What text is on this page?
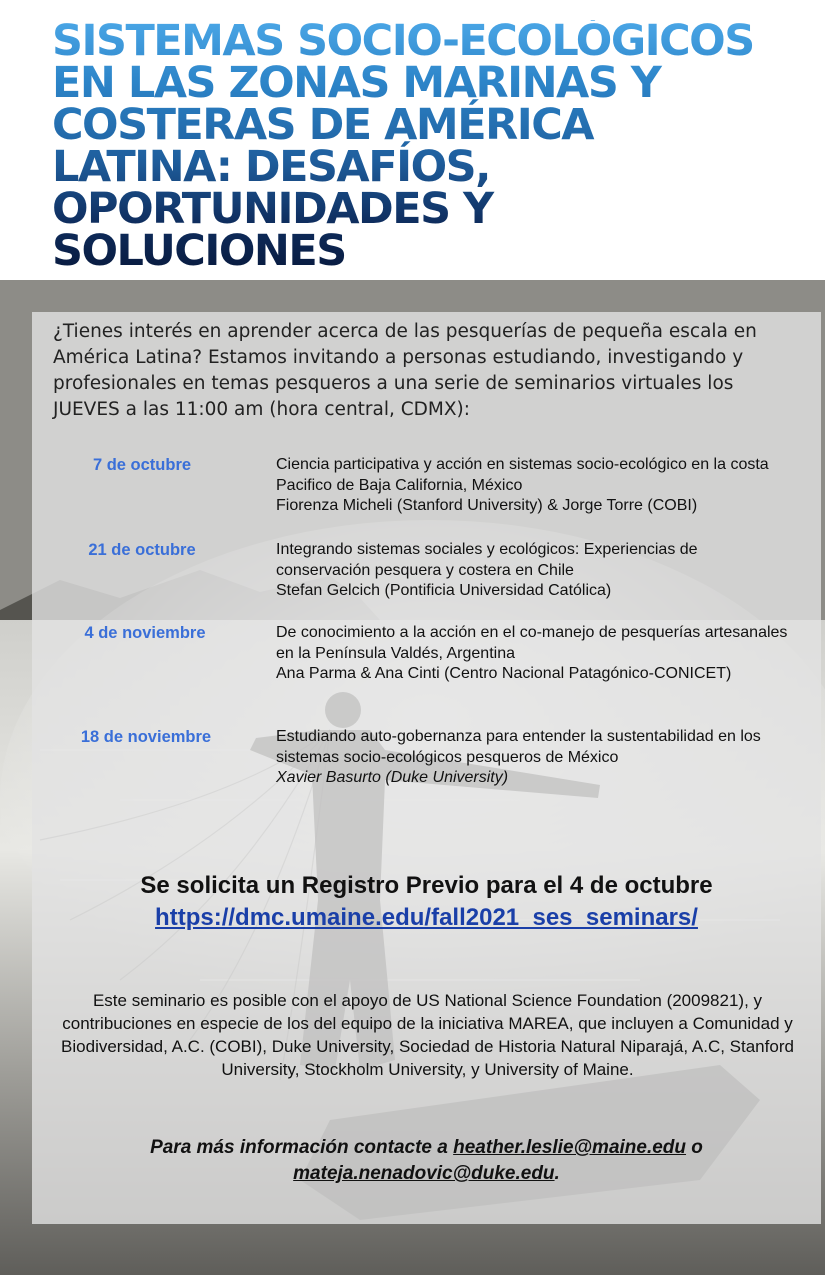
SISTEMAS SOCIO-ECOLÓGICOS EN LAS ZONAS MARINAS Y COSTERAS DE AMÉRICA LATINA: DESAFÍOS, OPORTUNIDADES Y SOLUCIONES

¿Tienes interés en aprender acerca de las pesquerías de pequeña escala en América Latina? Estamos invitando a personas estudiando, investigando y profesionales en temas pesqueros a una serie de seminarios virtuales los JUEVES a las 11:00 am (hora central, CDMX):

7 de octubre	Ciencia participativa y acción en sistemas socio-ecológico en la costa Pacifico de Baja California, México
Fiorenza Micheli (Stanford University) & Jorge Torre (COBI)
21 de octubre	Integrando sistemas sociales y ecológicos: Experiencias de conservación pesquera y costera en Chile
Stefan Gelcich (Pontificia Universidad Católica)
4 de noviembre	De conocimiento a la acción en el co-manejo de pesquerías artesanales en la Península Valdés, Argentina
Ana Parma & Ana Cinti (Centro Nacional Patagónico-CONICET)
18 de noviembre	Estudiando auto-gobernanza para entender la sustentabilidad en los sistemas socio-ecológicos pesqueros de México
Xavier Basurto (Duke University)
Se solicita un Registro Previo para el 4 de octubre
https://dmc.umaine.edu/fall2021_ses_seminars/
Este seminario es posible con el apoyo de US National Science Foundation (2009821), y contribuciones en especie de los del equipo de la iniciativa MAREA, que incluyen a Comunidad y Biodiversidad, A.C. (COBI), Duke University, Sociedad de Historia Natural Niparajá, A.C, Stanford University, Stockholm University, y University of Maine.
Para más información contacte a heather.leslie@maine.edu o
mateja.nenadovic@duke.edu.
